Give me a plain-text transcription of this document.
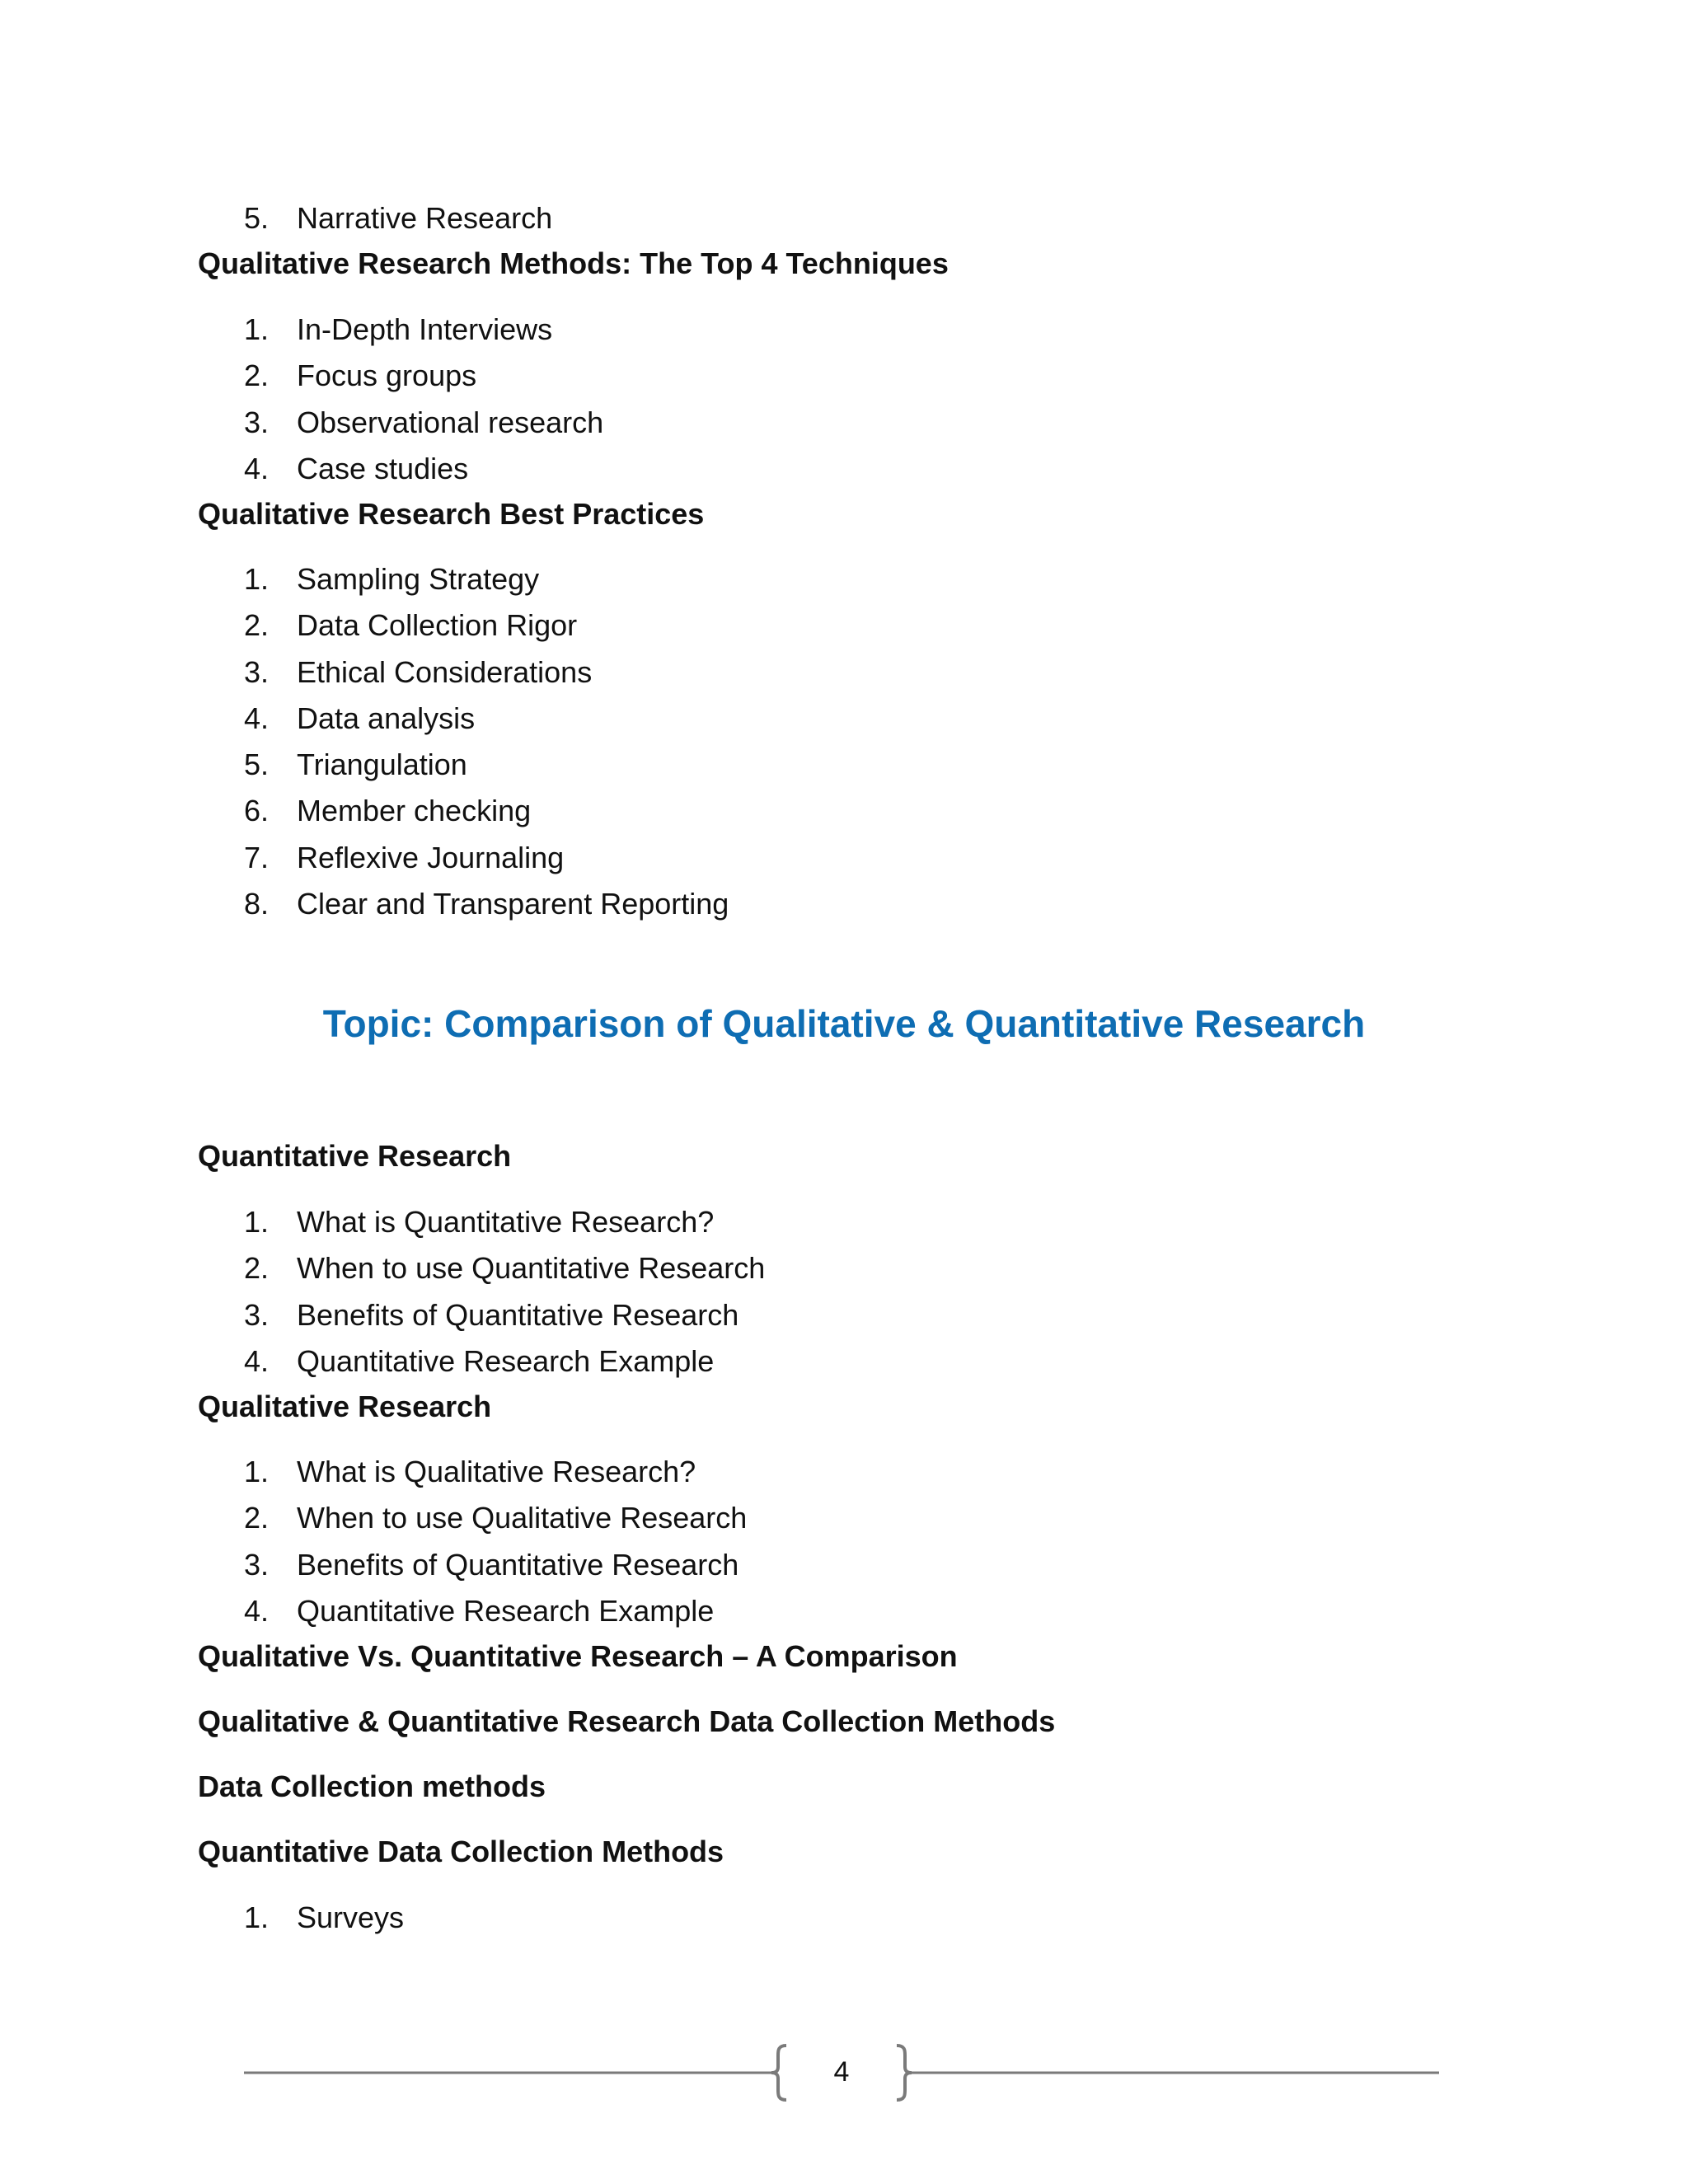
5. Narrative Research
Qualitative Research Methods: The Top 4 Techniques
1. In-Depth Interviews
2. Focus groups
3. Observational research
4. Case studies
Qualitative Research Best Practices
1. Sampling Strategy
2. Data Collection Rigor
3. Ethical Considerations
4. Data analysis
5. Triangulation
6. Member checking
7. Reflexive Journaling
8. Clear and Transparent Reporting
Topic: Comparison of Qualitative & Quantitative Research
Quantitative Research
1. What is Quantitative Research?
2. When to use Quantitative Research
3. Benefits of Quantitative Research
4. Quantitative Research Example
Qualitative Research
1. What is Qualitative Research?
2. When to use Qualitative Research
3. Benefits of Quantitative Research
4. Quantitative Research Example
Qualitative Vs. Quantitative Research – A Comparison
Qualitative & Quantitative Research Data Collection Methods
Data Collection methods
Quantitative Data Collection Methods
1. Surveys
4
